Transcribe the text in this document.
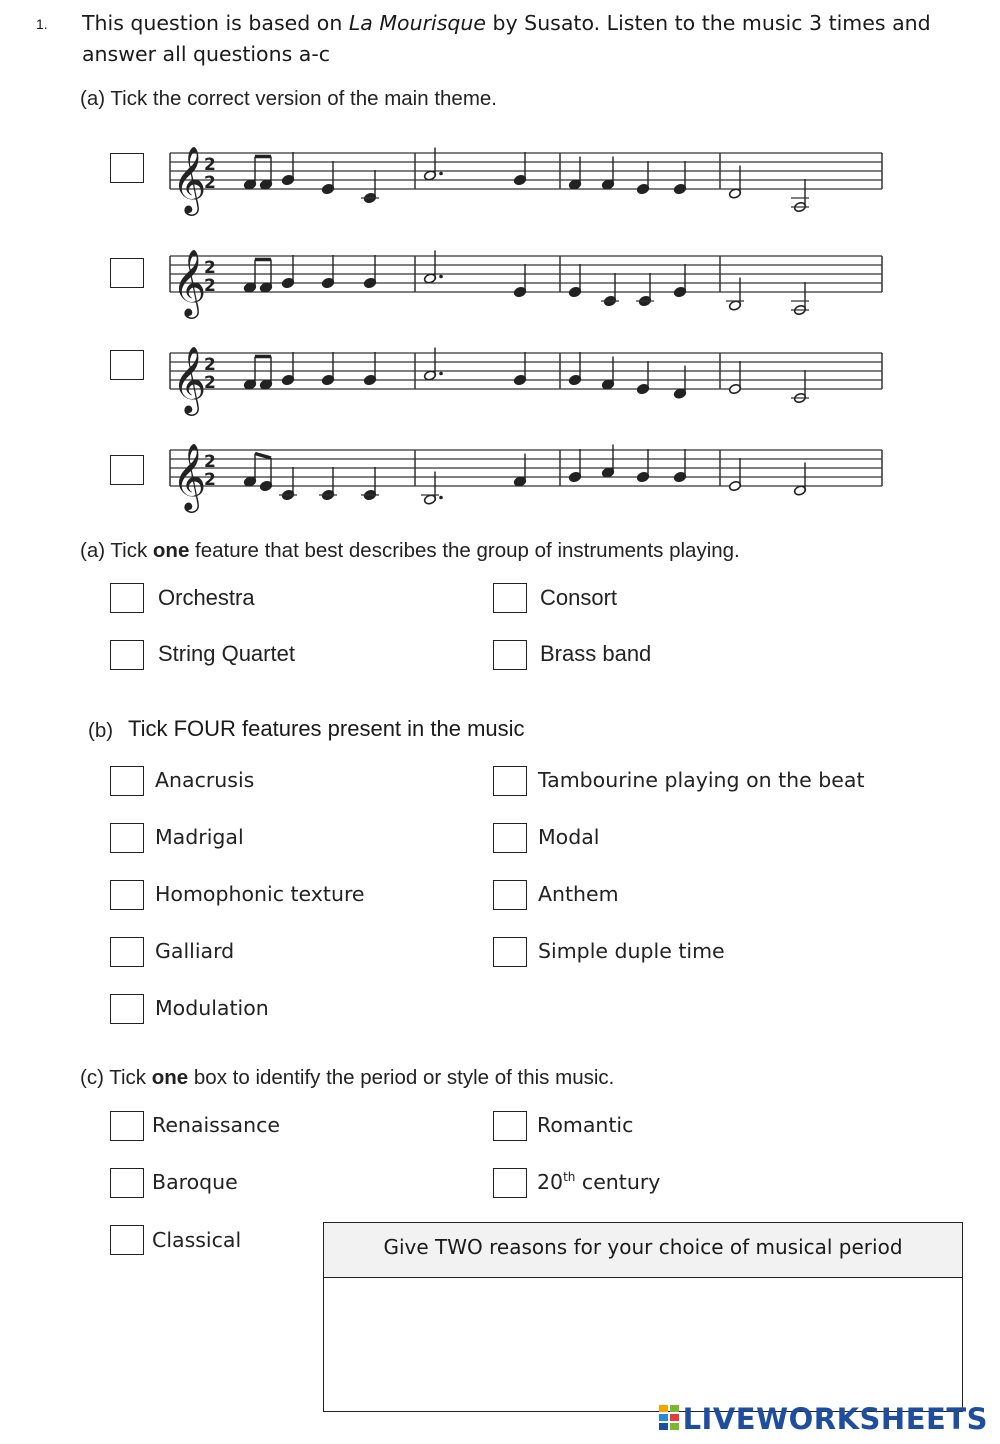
1. This question is based on La Mourisque by Susato. Listen to the music 3 times and answer all questions a-c
(a) Tick the correct version of the main theme.
𝄞
2
2
𝄞
2
2
𝄞
2
2
𝄞
2
2
(a) Tick one feature that best describes the group of instruments playing.
Orchestra	Consort
String Quartet	Brass band
(b) Tick FOUR features present in the music
Anacrusis	Tambourine playing on the beat
Madrigal	Modal
Homophonic texture	Anthem
Galliard	Simple duple time
Modulation
(c) Tick one box to identify the period or style of this music.
Renaissance	Romantic
Baroque	20th century
Classical	Give TWO reasons for your choice of musical period
LIVEWORKSHEETS
